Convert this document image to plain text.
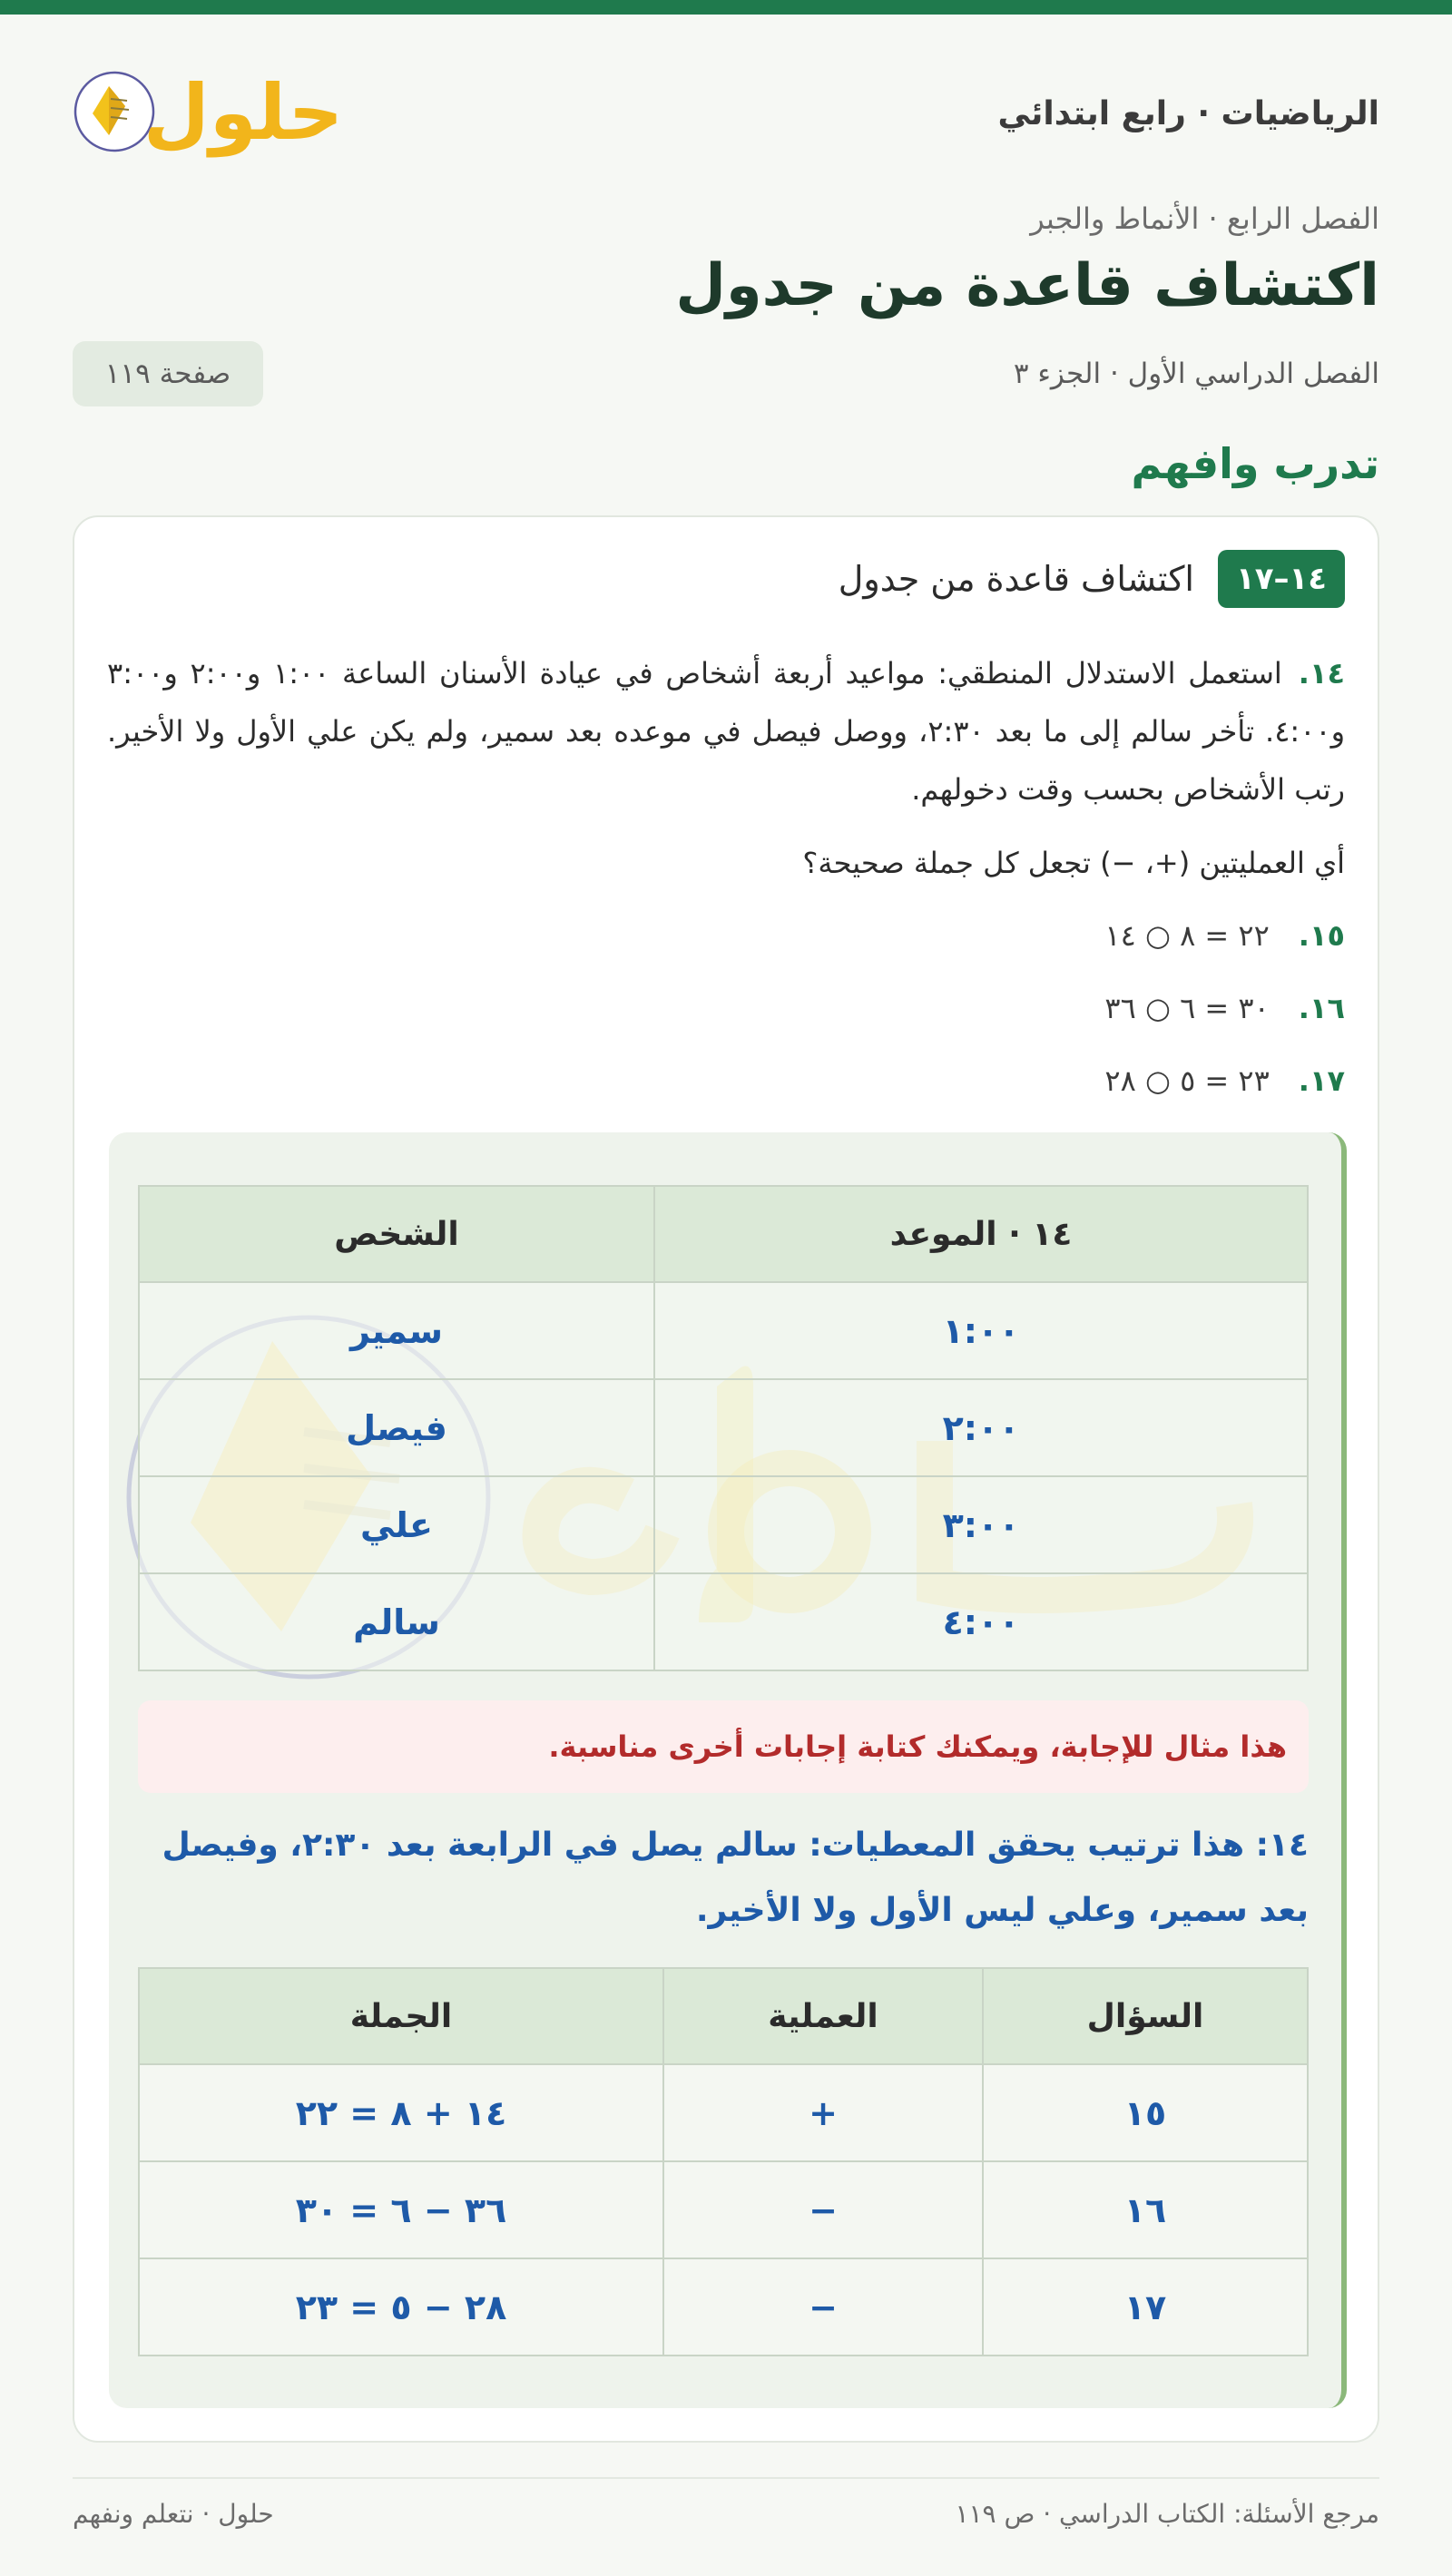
الرياضيات · رابع ابتدائي
حلول
الفصل الرابع · الأنماط والجبر
اكتشاف قاعدة من جدول
الفصل الدراسي الأول · الجزء ٣
صفحة ١١٩
تدرب وافهم
١٤–١٧
اكتشاف قاعدة من جدول
١٤.استعمل الاستدلال المنطقي: مواعيد أربعة أشخاص في عيادة الأسنان الساعة ١:٠٠ و٢:٠٠ و٣:٠٠ و٤:٠٠. تأخر سالم إلى ما بعد ٢:٣٠، ووصل فيصل في موعده بعد سمير، ولم يكن علي الأول ولا الأخير. رتب الأشخاص بحسب وقت دخولهم.
أي العمليتين (+، −) تجعل كل جملة صحيحة؟
١٥.
٢٢ = ٨ ○ ١٤
١٦.
٣٠ = ٦ ○ ٣٦
١٧.
٢٣ = ٥ ○ ٢٨
١٤ · الموعد	الشخص
١:٠٠	سمير
٢:٠٠	فيصل
٣:٠٠	علي
٤:٠٠	سالم
هذا مثال للإجابة، ويمكنك كتابة إجابات أخرى مناسبة.
١٤: هذا ترتيب يحقق المعطيات: سالم يصل في الرابعة بعد ٢:٣٠، وفيصل بعد سمير، وعلي ليس الأول ولا الأخير.
السؤال	العملية	الجملة
١٥	+	١٤ + ٨ = ٢٢
١٦	−	٣٦ − ٦ = ٣٠
١٧	−	٢٨ − ٥ = ٢٣
مرجع الأسئلة: الكتاب الدراسي · ص ١١٩
حلول · نتعلم ونفهم
